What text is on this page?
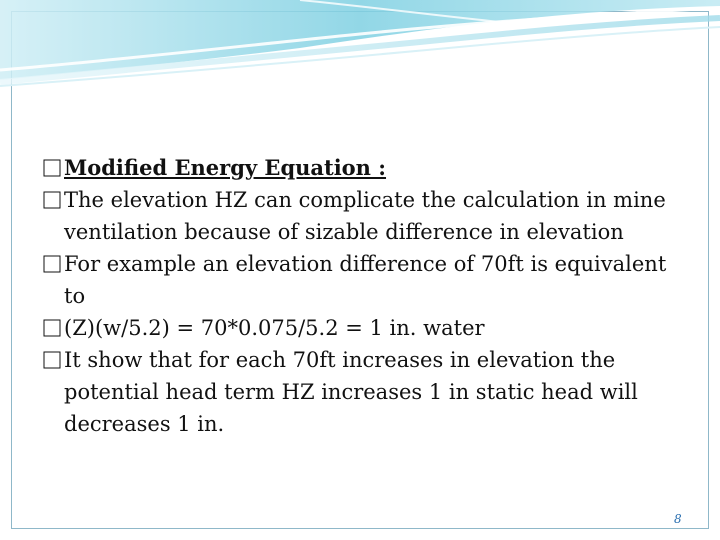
Modified Energy Equation :

The elevation HZ can complicate the calculation in mine ventilation because of sizable difference in elevation

For example an elevation difference of 70ft is equivalent to

(Z)(w/5.2) = 70*0.075/5.2 = 1 in. water

It show that for each 70ft increases in elevation the potential head term HZ increases 1 in static head will decreases 1 in.

8
